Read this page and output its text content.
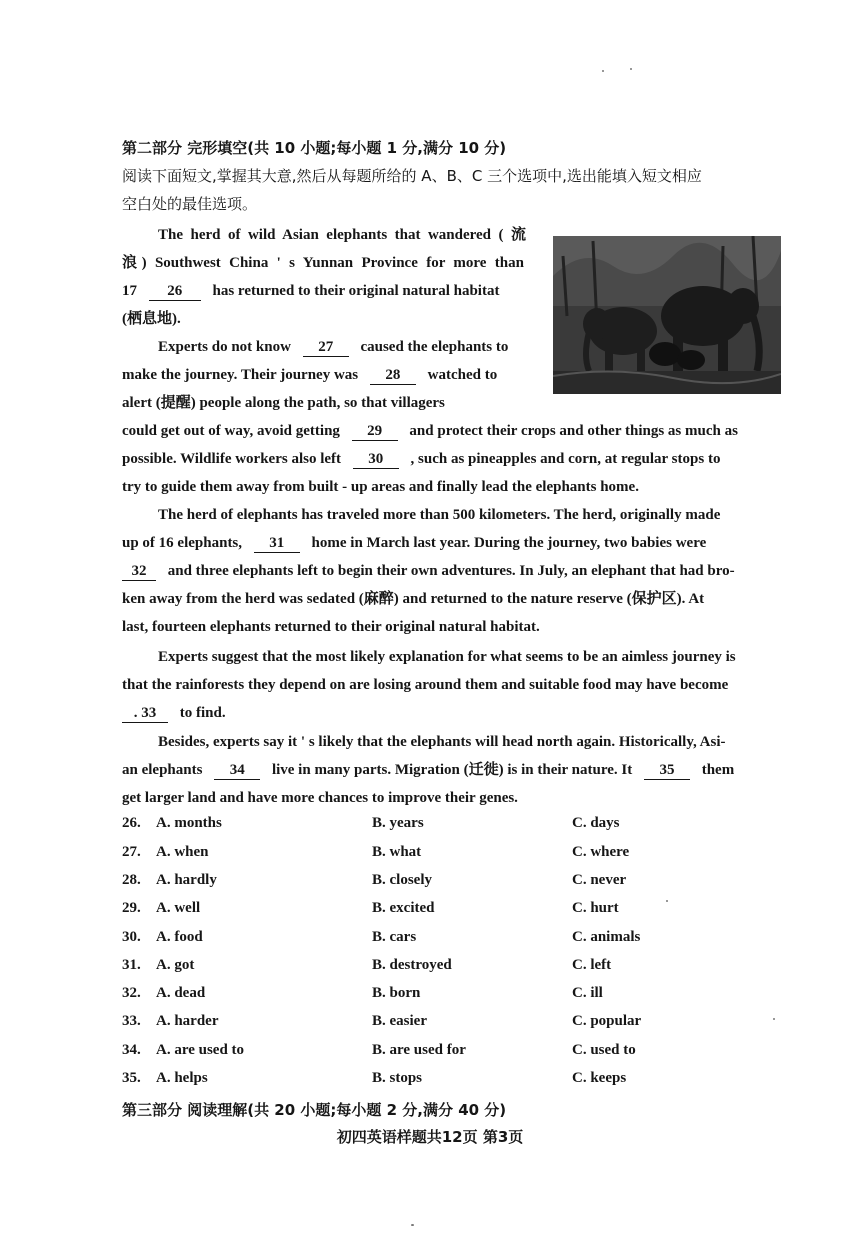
第二部分 完形填空(共 10 小题;每小题 1 分,满分 10 分)
阅读下面短文,掌握其大意,然后从每题所给的 A、B、C 三个选项中,选出能填入短文相应
空白处的最佳选项。
The herd of wild Asian elephants that wandered ( 流
浪) Southwest China ' s Yunnan Province for more than
17 26 has returned to their original natural habitat
(栖息地).
Experts do not know 27 caused the elephants to
make the journey. Their journey was 28 watched to
alert (提醒) people along the path, so that villagers
could get out of way, avoid getting 29 and protect their crops and other things as much as
possible. Wildlife workers also left 30 , such as pineapples and corn, at regular stops to
try to guide them away from built - up areas and finally lead the elephants home.
The herd of elephants has traveled more than 500 kilometers. The herd, originally made
up of 16 elephants, 31 home in March last year. During the journey, two babies were
32 and three elephants left to begin their own adventures. In July, an elephant that had bro-
ken away from the herd was sedated (麻醉) and returned to the nature reserve (保护区). At
last, fourteen elephants returned to their original natural habitat.
Experts suggest that the most likely explanation for what seems to be an aimless journey is
that the rainforests they depend on are losing around them and suitable food may have become
. 33 to find.
Besides, experts say it ' s likely that the elephants will head north again. Historically, Asi-
an elephants 34 live in many parts. Migration (迁徙) is in their nature. It 35 them
get larger land and have more chances to improve their genes.
26. A. months	B. years	C. days
27. A. when	B. what	C. where
28. A. hardly	B. closely	C. never
29. A. well	B. excited	C. hurt
30. A. food	B. cars	C. animals
31. A. got	B. destroyed	C. left
32. A. dead	B. born	C. ill
33. A. harder	B. easier	C. popular
34. A. are used to	B. are used for	C. used to
35. A. helps	B. stops	C. keeps
第三部分 阅读理解(共 20 小题;每小题 2 分,满分 40 分)
初四英语样题共12页 第3页
